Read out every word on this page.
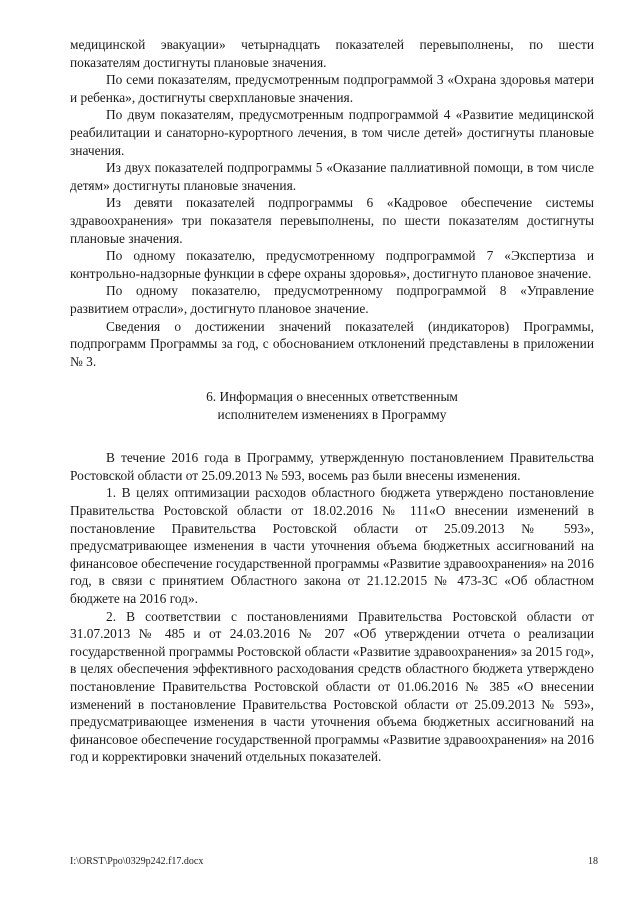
медицинской эвакуации» четырнадцать показателей перевыполнены, по шести показателям достигнуты плановые значения.

По семи показателям, предусмотренным подпрограммой 3 «Охрана здоровья матери и ребенка», достигнуты сверхплановые значения.

По двум показателям, предусмотренным подпрограммой 4 «Развитие медицинской реабилитации и санаторно-курортного лечения, в том числе детей» достигнуты плановые значения.

Из двух показателей подпрограммы 5 «Оказание паллиативной помощи, в том числе детям» достигнуты плановые значения.

Из девяти показателей подпрограммы 6 «Кадровое обеспечение системы здравоохранения» три показателя перевыполнены, по шести показателям достигнуты плановые значения.

По одному показателю, предусмотренному подпрограммой 7 «Экспертиза и контрольно-надзорные функции в сфере охраны здоровья», достигнуто плановое значение.

По одному показателю, предусмотренному подпрограммой 8 «Управление развитием отрасли», достигнуто плановое значение.

Сведения о достижении значений показателей (индикаторов) Программы, подпрограмм Программы за год, с обоснованием отклонений представлены в приложении № 3.

6. Информация о внесенных ответственным
исполнителем изменениях в Программу

В течение 2016 года в Программу, утвержденную постановлением Правительства Ростовской области от 25.09.2013 № 593, восемь раз были внесены изменения.

1. В целях оптимизации расходов областного бюджета утверждено постановление Правительства Ростовской области от 18.02.2016 № 111«О внесении изменений в постановление Правительства Ростовской области от 25.09.2013 № 593», предусматривающее изменения в части уточнения объема бюджетных ассигнований на финансовое обеспечение государственной программы «Развитие здравоохранения» на 2016 год, в связи с принятием Областного закона от 21.12.2015 № 473-ЗС «Об областном бюджете на 2016 год».

2. В соответствии с постановлениями Правительства Ростовской области от 31.07.2013 № 485 и от 24.03.2016 № 207 «Об утверждении отчета о реализации государственной программы Ростовской области «Развитие здравоохранения» за 2015 год», в целях обеспечения эффективного расходования средств областного бюджета утверждено постановление Правительства Ростовской области от 01.06.2016 № 385 «О внесении изменений в постановление Правительства Ростовской области от 25.09.2013 № 593», предусматривающее изменения в части уточнения объема бюджетных ассигнований на финансовое обеспечение государственной программы «Развитие здравоохранения» на 2016 год и корректировки значений отдельных показателей.

I:\ORST\Ppo\0329p242.f17.docx	18
